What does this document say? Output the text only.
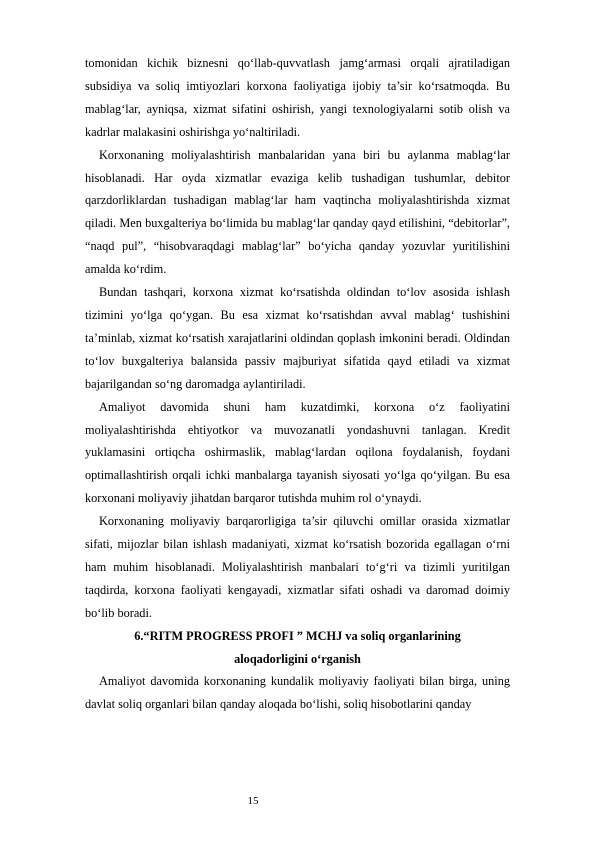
tomonidan kichik biznesni qo‘llab-quvvatlash jamg‘armasi orqali ajratiladigan subsidiya va soliq imtiyozlari korxona faoliyatiga ijobiy ta’sir ko‘rsatmoqda. Bu mablag‘lar, ayniqsa, xizmat sifatini oshirish, yangi texnologiyalarni sotib olish va kadrlar malakasini oshirishga yo‘naltiriladi.

Korxonaning moliyalashtirish manbalaridan yana biri bu aylanma mablag‘lar hisoblanadi. Har oyda xizmatlar evaziga kelib tushadigan tushumlar, debitor qarzdorliklardan tushadigan mablag‘lar ham vaqtincha moliyalashtirishda xizmat qiladi. Men buxgalteriya bo‘limida bu mablag‘lar qanday qayd etilishini, “debitorlar”, “naqd pul”, “hisobvaraqdagi mablag‘lar” bo‘yicha qanday yozuvlar yuritilishini amalda ko‘rdim.

Bundan tashqari, korxona xizmat ko‘rsatishda oldindan to‘lov asosida ishlash tizimini yo‘lga qo‘ygan. Bu esa xizmat ko‘rsatishdan avval mablag‘ tushishini ta’minlab, xizmat ko‘rsatish xarajatlarini oldindan qoplash imkonini beradi. Oldindan to‘lov buxgalteriya balansida passiv majburiyat sifatida qayd etiladi va xizmat bajarilgandan so‘ng daromadga aylantiriladi.

Amaliyot davomida shuni ham kuzatdimki, korxona o‘z faoliyatini moliyalashtirishda ehtiyotkor va muvozanatli yondashuvni tanlagan. Kredit yuklamasini ortiqcha oshirmaslik, mablag‘lardan oqilona foydalanish, foydani optimallashtirish orqali ichki manbalarga tayanish siyosati yo‘lga qo‘yilgan. Bu esa korxonani moliyaviy jihatdan barqaror tutishda muhim rol o‘ynaydi.

Korxonaning moliyaviy barqarorligiga ta’sir qiluvchi omillar orasida xizmatlar sifati, mijozlar bilan ishlash madaniyati, xizmat ko‘rsatish bozorida egallagan o‘rni ham muhim hisoblanadi. Moliyalashtirish manbalari to‘g‘ri va tizimli yuritilgan taqdirda, korxona faoliyati kengayadi, xizmatlar sifati oshadi va daromad doimiy bo‘lib boradi.

6.“RITM PROGRESS PROFI ” MCHJ va soliq organlarining
aloqadorligini o‘rganish

Amaliyot davomida korxonaning kundalik moliyaviy faoliyati bilan birga, uning davlat soliq organlari bilan qanday aloqada bo‘lishi, soliq hisobotlarini qanday

15
